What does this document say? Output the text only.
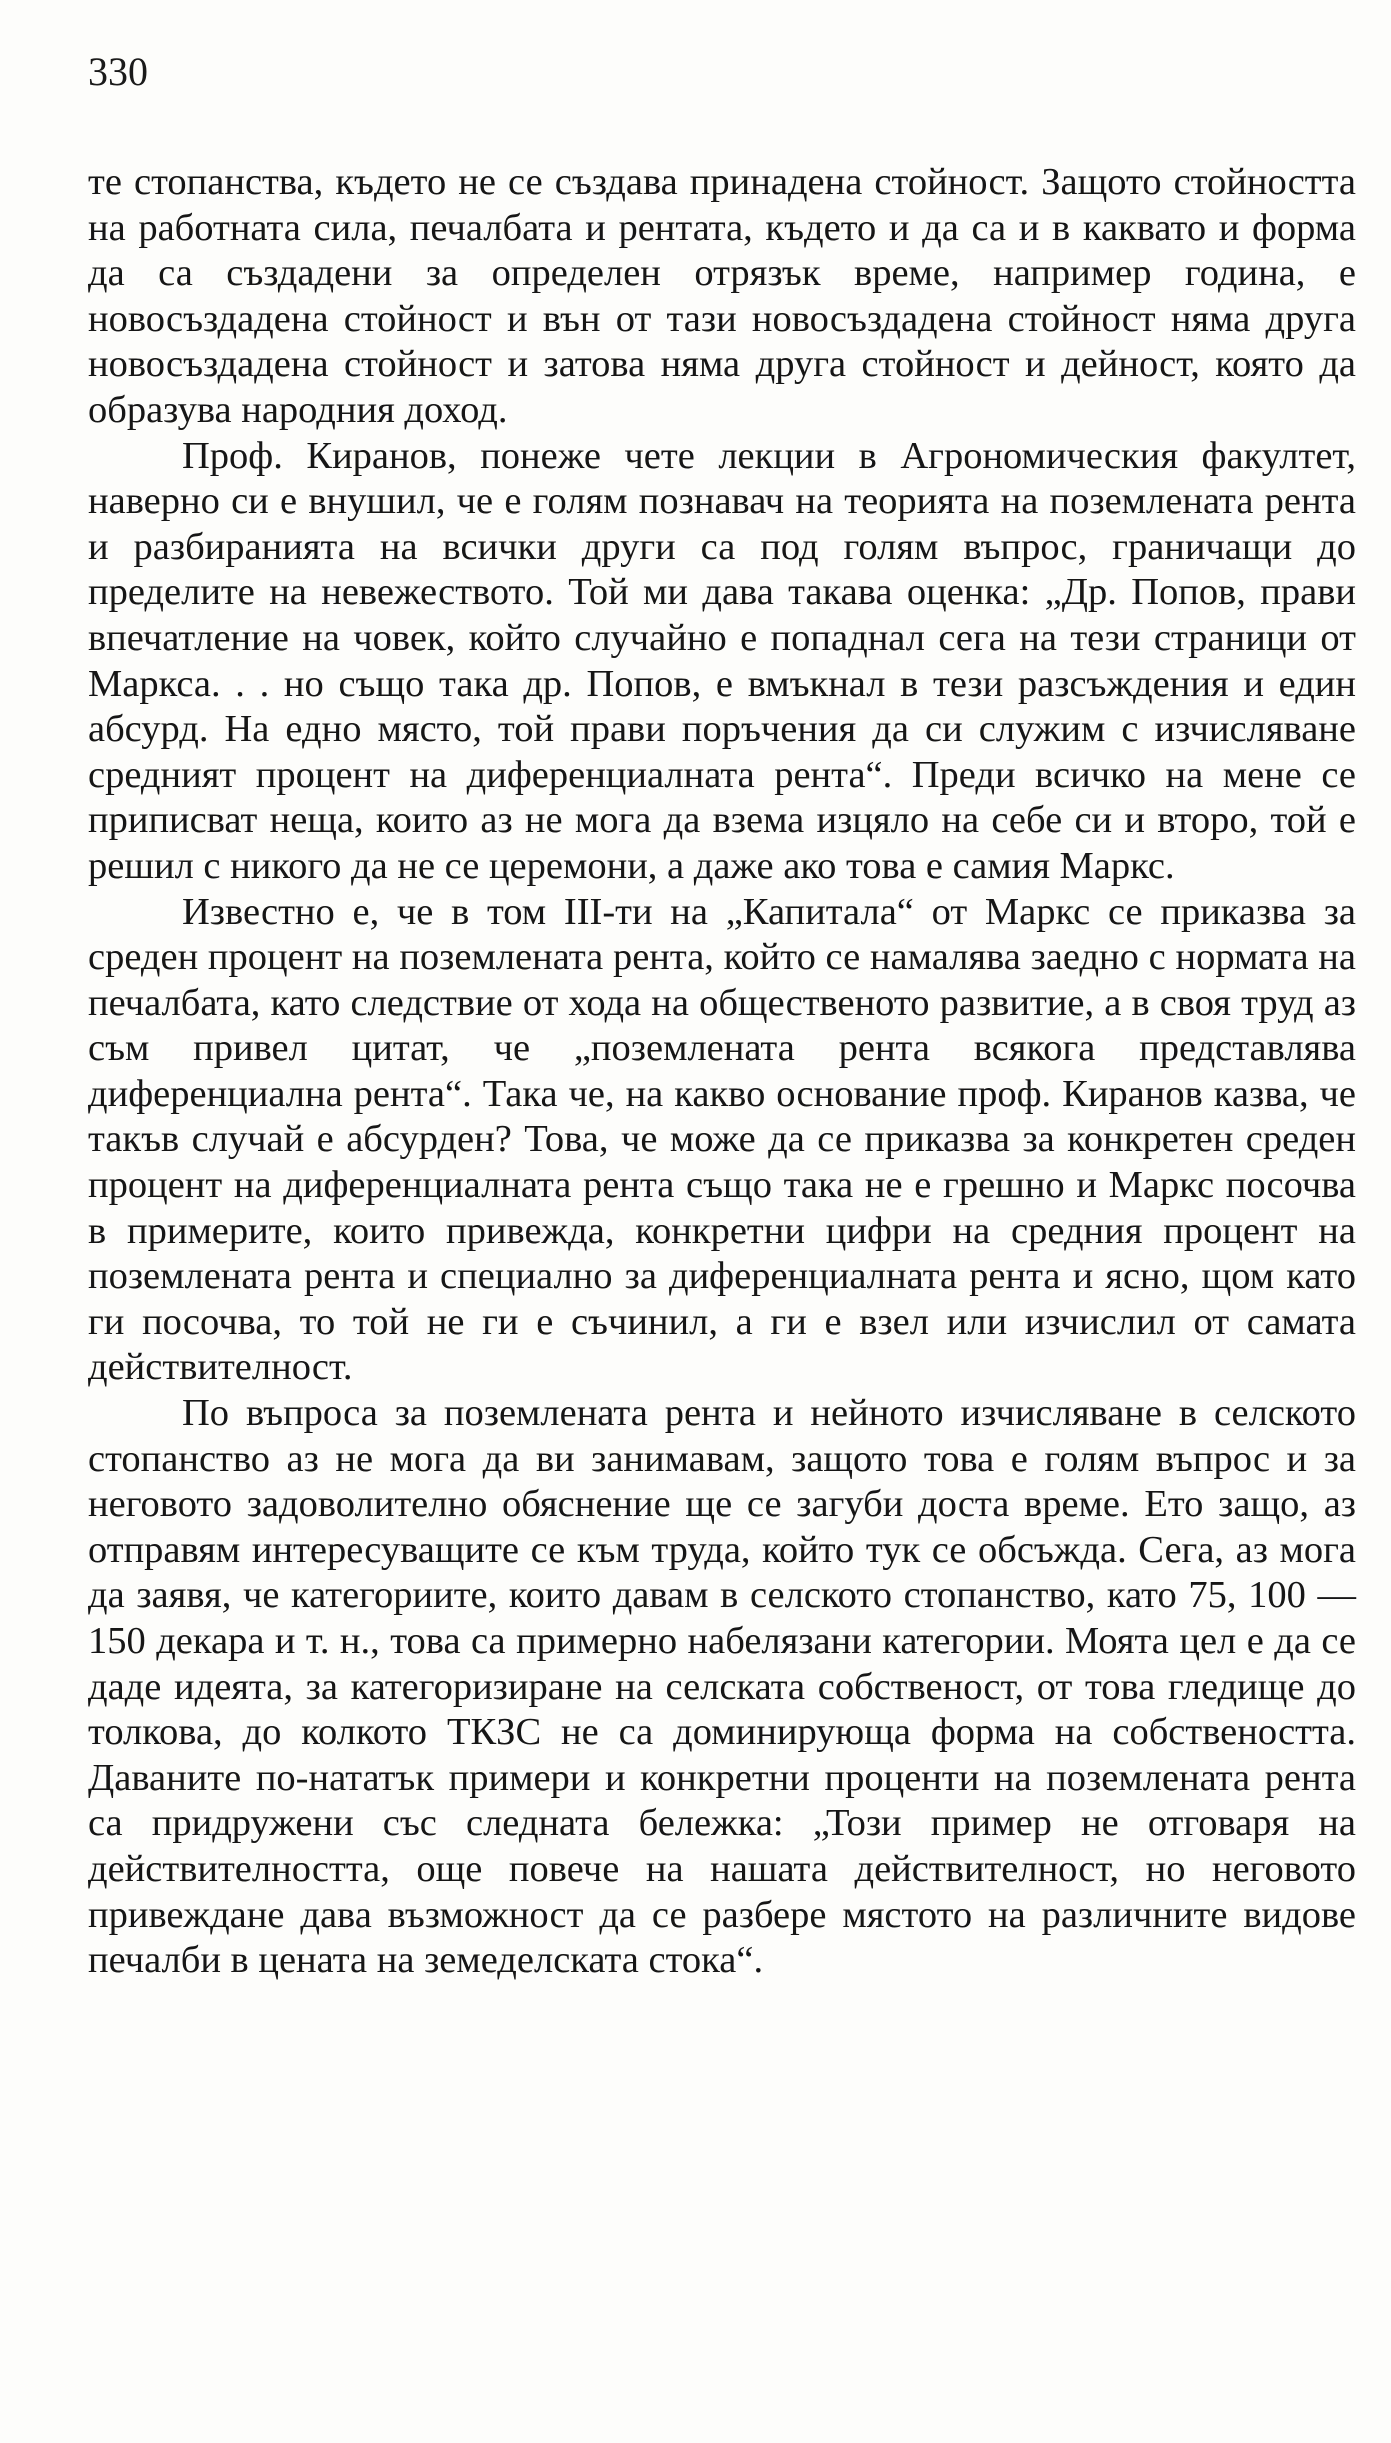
330

те стопанства, където не се създава принадена стойност. Защото стойността на работната сила, печалбата и рентата, където и да са и в каквато и форма да са създадени за определен отрязък време, например година, е новосъздадена стойност и вън от тази новосъздадена стойност няма друга новосъздадена стойност и затова няма друга стойност и дейност, която да образува народния доход.

Проф. Киранов, понеже чете лекции в Агрономическия факултет, наверно си е внушил, че е голям познавач на теорията на поземлената рента и разбиранията на всички други са под голям въпрос, граничащи до пределите на невежеството. Той ми дава такава оценка: „Др. Попов, прави впечатление на човек, който случайно е попаднал сега на тези страници от Маркса. . . но също така др. Попов, е вмъкнал в тези разсъждения и един абсурд. На едно място, той прави поръчения да си служим с изчисляване средният процент на диференциалната рента“. Преди всичко на мене се приписват неща, които аз не мога да взема изцяло на себе си и второ, той е решил с никого да не се церемони, а даже ако това е самия Маркс.

Известно е, че в том III-ти на „Капитала“ от Маркс се приказва за среден процент на поземлената рента, който се намалява заедно с нормата на печалбата, като следствие от хода на общественото развитие, а в своя труд аз съм привел цитат, че „поземлената рента всякога представлява диференциална рента“. Така че, на какво основание проф. Киранов казва, че такъв случай е абсурден? Това, че може да се приказва за конкретен среден процент на диференциалната рента също така не е грешно и Маркс посочва в примерите, които привежда, конкретни цифри на средния процент на поземлената рента и специално за диференциалната рента и ясно, щом като ги посочва, то той не ги е съчинил, а ги е взел или изчислил от самата действителност.

По въпроса за поземлената рента и нейното изчисляване в селското стопанство аз не мога да ви занимавам, защото това е голям въпрос и за неговото задоволително обяснение ще се загуби доста време. Ето защо, аз отправям интересуващите се към труда, който тук се обсъжда. Сега, аз мога да заявя, че категориите, които давам в селското стопанство, като 75, 100 — 150 декара и т. н., това са примерно набелязани категории. Моята цел е да се даде идеята, за категоризиране на селската собственост, от това гледище до толкова, до колкото ТКЗС не са доминирующа форма на собствеността. Даваните по-нататък примери и конкретни проценти на поземлената рента са придружени със следната бележка: „Този пример не отговаря на действителността, още повече на нашата действителност, но неговото привеждане дава възможност да се разбере мястото на различните видове печалби в цената на земеделската стока“.
